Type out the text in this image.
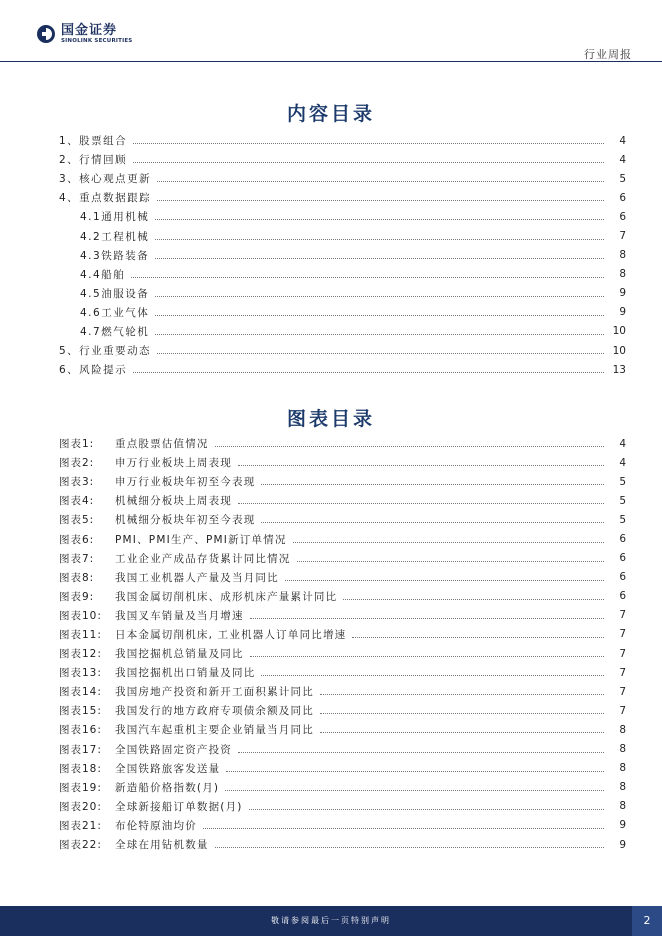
国金证券
SINOLINK SECURITIES
行业周报
内容目录
1、股票组合	4
2、行情回顾	4
3、核心观点更新	5
4、重点数据跟踪	6
4.1通用机械	6
4.2工程机械	7
4.3铁路装备	8
4.4船舶	8
4.5油服设备	9
4.6工业气体	9
4.7燃气轮机	10
5、行业重要动态	10
6、风险提示	13
图表目录
图表1:	重点股票估值情况	4
图表2:	申万行业板块上周表现	4
图表3:	申万行业板块年初至今表现	5
图表4:	机械细分板块上周表现	5
图表5:	机械细分板块年初至今表现	5
图表6:	PMI、PMI生产、PMI新订单情况	6
图表7:	工业企业产成品存货累计同比情况	6
图表8:	我国工业机器人产量及当月同比	6
图表9:	我国金属切削机床、成形机床产量累计同比	6
图表10:	我国叉车销量及当月增速	7
图表11:	日本金属切削机床, 工业机器人订单同比增速	7
图表12:	我国挖掘机总销量及同比	7
图表13:	我国挖掘机出口销量及同比	7
图表14:	我国房地产投资和新开工面积累计同比	7
图表15:	我国发行的地方政府专项债余额及同比	7
图表16:	我国汽车起重机主要企业销量当月同比	8
图表17:	全国铁路固定资产投资	8
图表18:	全国铁路旅客发送量	8
图表19:	新造船价格指数(月)	8
图表20:	全球新接船订单数据(月)	8
图表21:	布伦特原油均价	9
图表22:	全球在用钻机数量	9
敬请参阅最后一页特别声明	2
